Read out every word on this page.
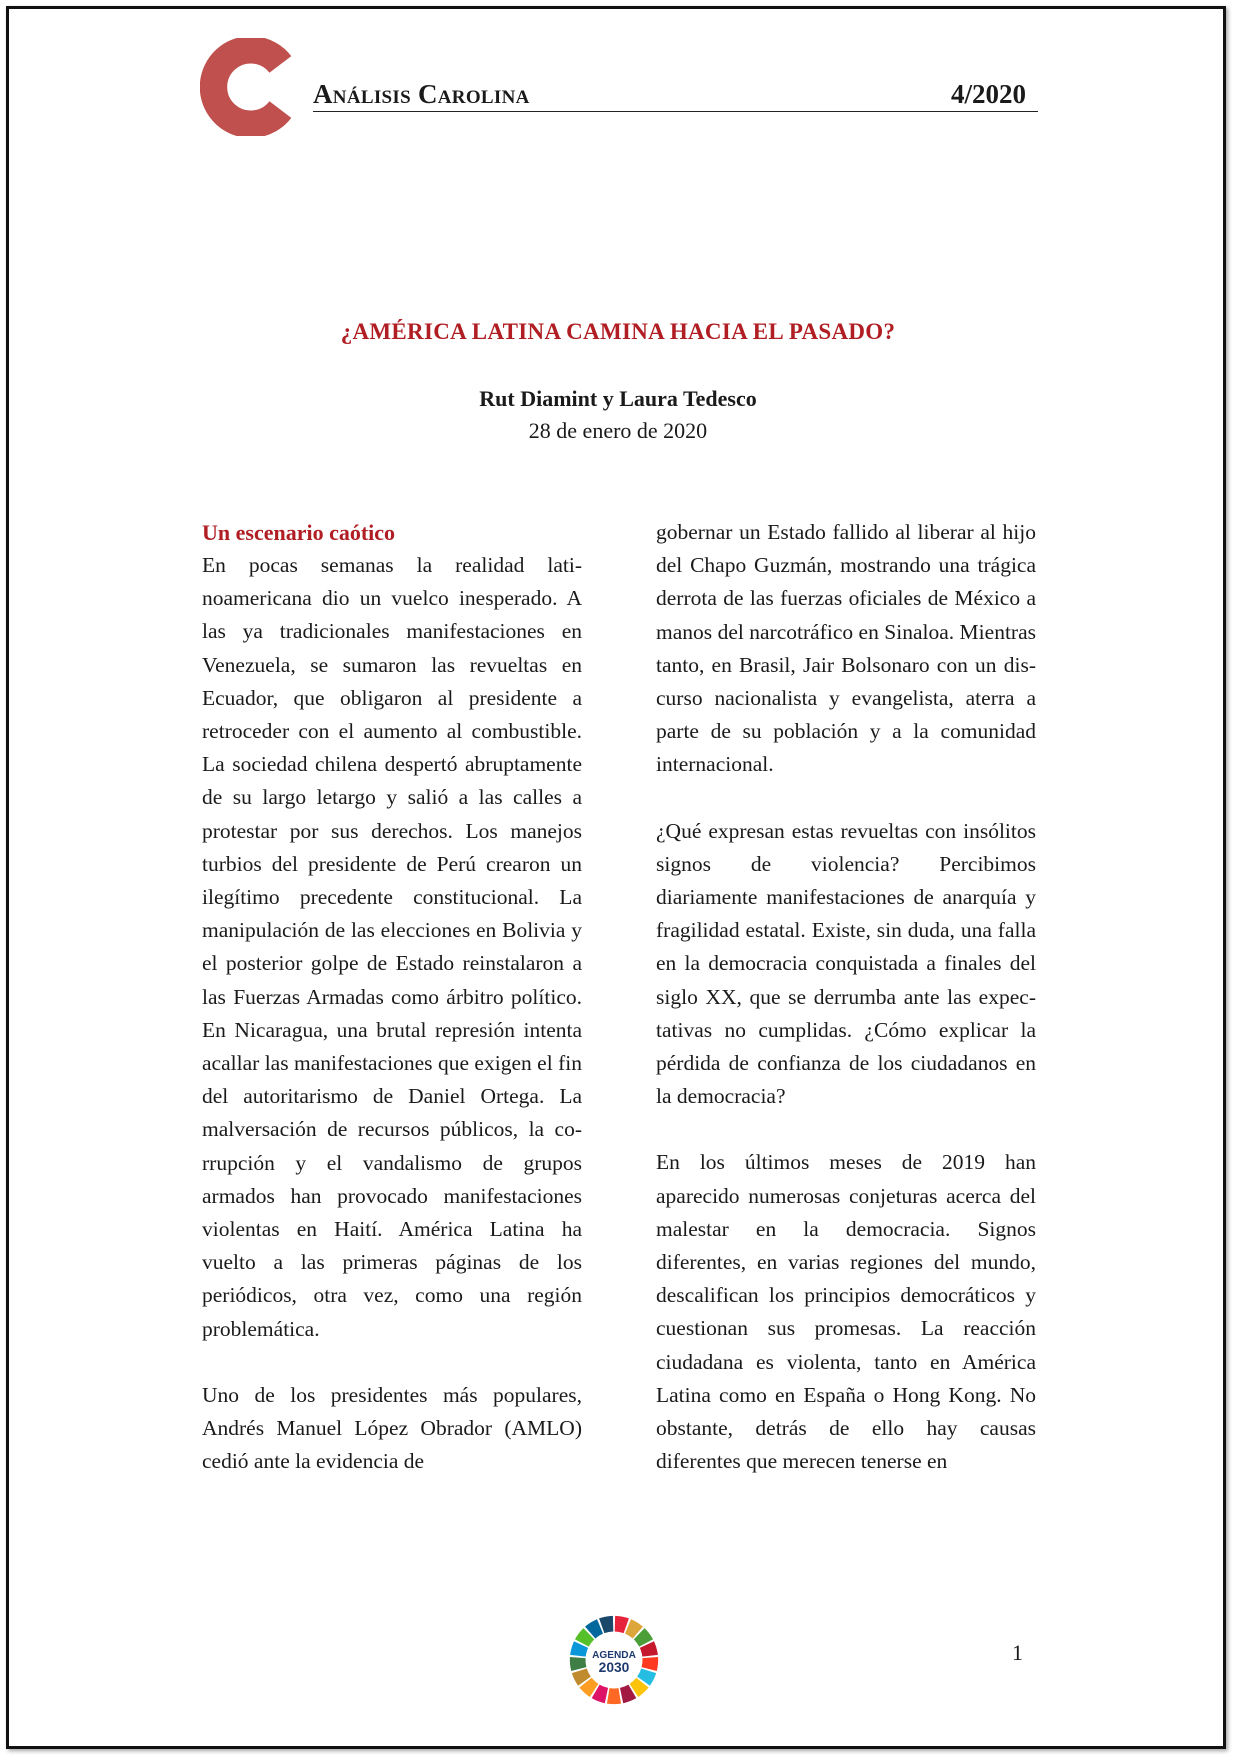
Análisis Carolina	4/2020
¿AMÉRICA LATINA CAMINA HACIA EL PASADO?
Rut Diamint y Laura Tedesco
28 de enero de 2020
Un escenario caótico

En pocas semanas la realidad latinoamericana dio un vuelco inesperado. A las ya tradicionales manifestaciones en Venezuela, se sumaron las revueltas en Ecuador, que obligaron al presidente a retroceder con el aumento al combustible. La sociedad chilena despertó abruptamente de su largo letargo y salió a las calles a protestar por sus derechos. Los manejos turbios del presidente de Perú crearon un ilegítimo precedente constitucional. La manipulación de las elecciones en Bolivia y el posterior golpe de Estado reinstalaron a las Fuerzas Armadas como árbitro político. En Nicaragua, una brutal represión intenta acallar las manifestaciones que exigen el fin del autoritarismo de Daniel Ortega. La malversación de recursos públicos, la corrupción y el vandalismo de grupos armados han provocado manifestaciones violentas en Haití. América Latina ha vuelto a las primeras páginas de los periódicos, otra vez, como una región problemática.

Uno de los presidentes más populares, Andrés Manuel López Obrador (AMLO) cedió ante la evidencia de

gobernar un Estado fallido al liberar al hijo del Chapo Guzmán, mostrando una trágica derrota de las fuerzas oficiales de México a manos del narcotráfico en Sinaloa. Mientras tanto, en Brasil, Jair Bolsonaro con un discurso nacionalista y evangelista, aterra a parte de su población y a la comunidad internacional.

¿Qué expresan estas revueltas con insólitos signos de violencia? Percibimos diariamente manifestaciones de anarquía y fragilidad estatal. Existe, sin duda, una falla en la democracia conquistada a finales del siglo XX, que se derrumba ante las expectativas no cumplidas. ¿Cómo explicar la pérdida de confianza de los ciudadanos en la democracia?

En los últimos meses de 2019 han aparecido numerosas conjeturas acerca del malestar en la democracia. Signos diferentes, en varias regiones del mundo, descalifican los principios democráticos y cuestionan sus promesas. La reacción ciudadana es violenta, tanto en América Latina como en España o Hong Kong. No obstante, detrás de ello hay causas diferentes que merecen tenerse en

AGENDA
2030
1
